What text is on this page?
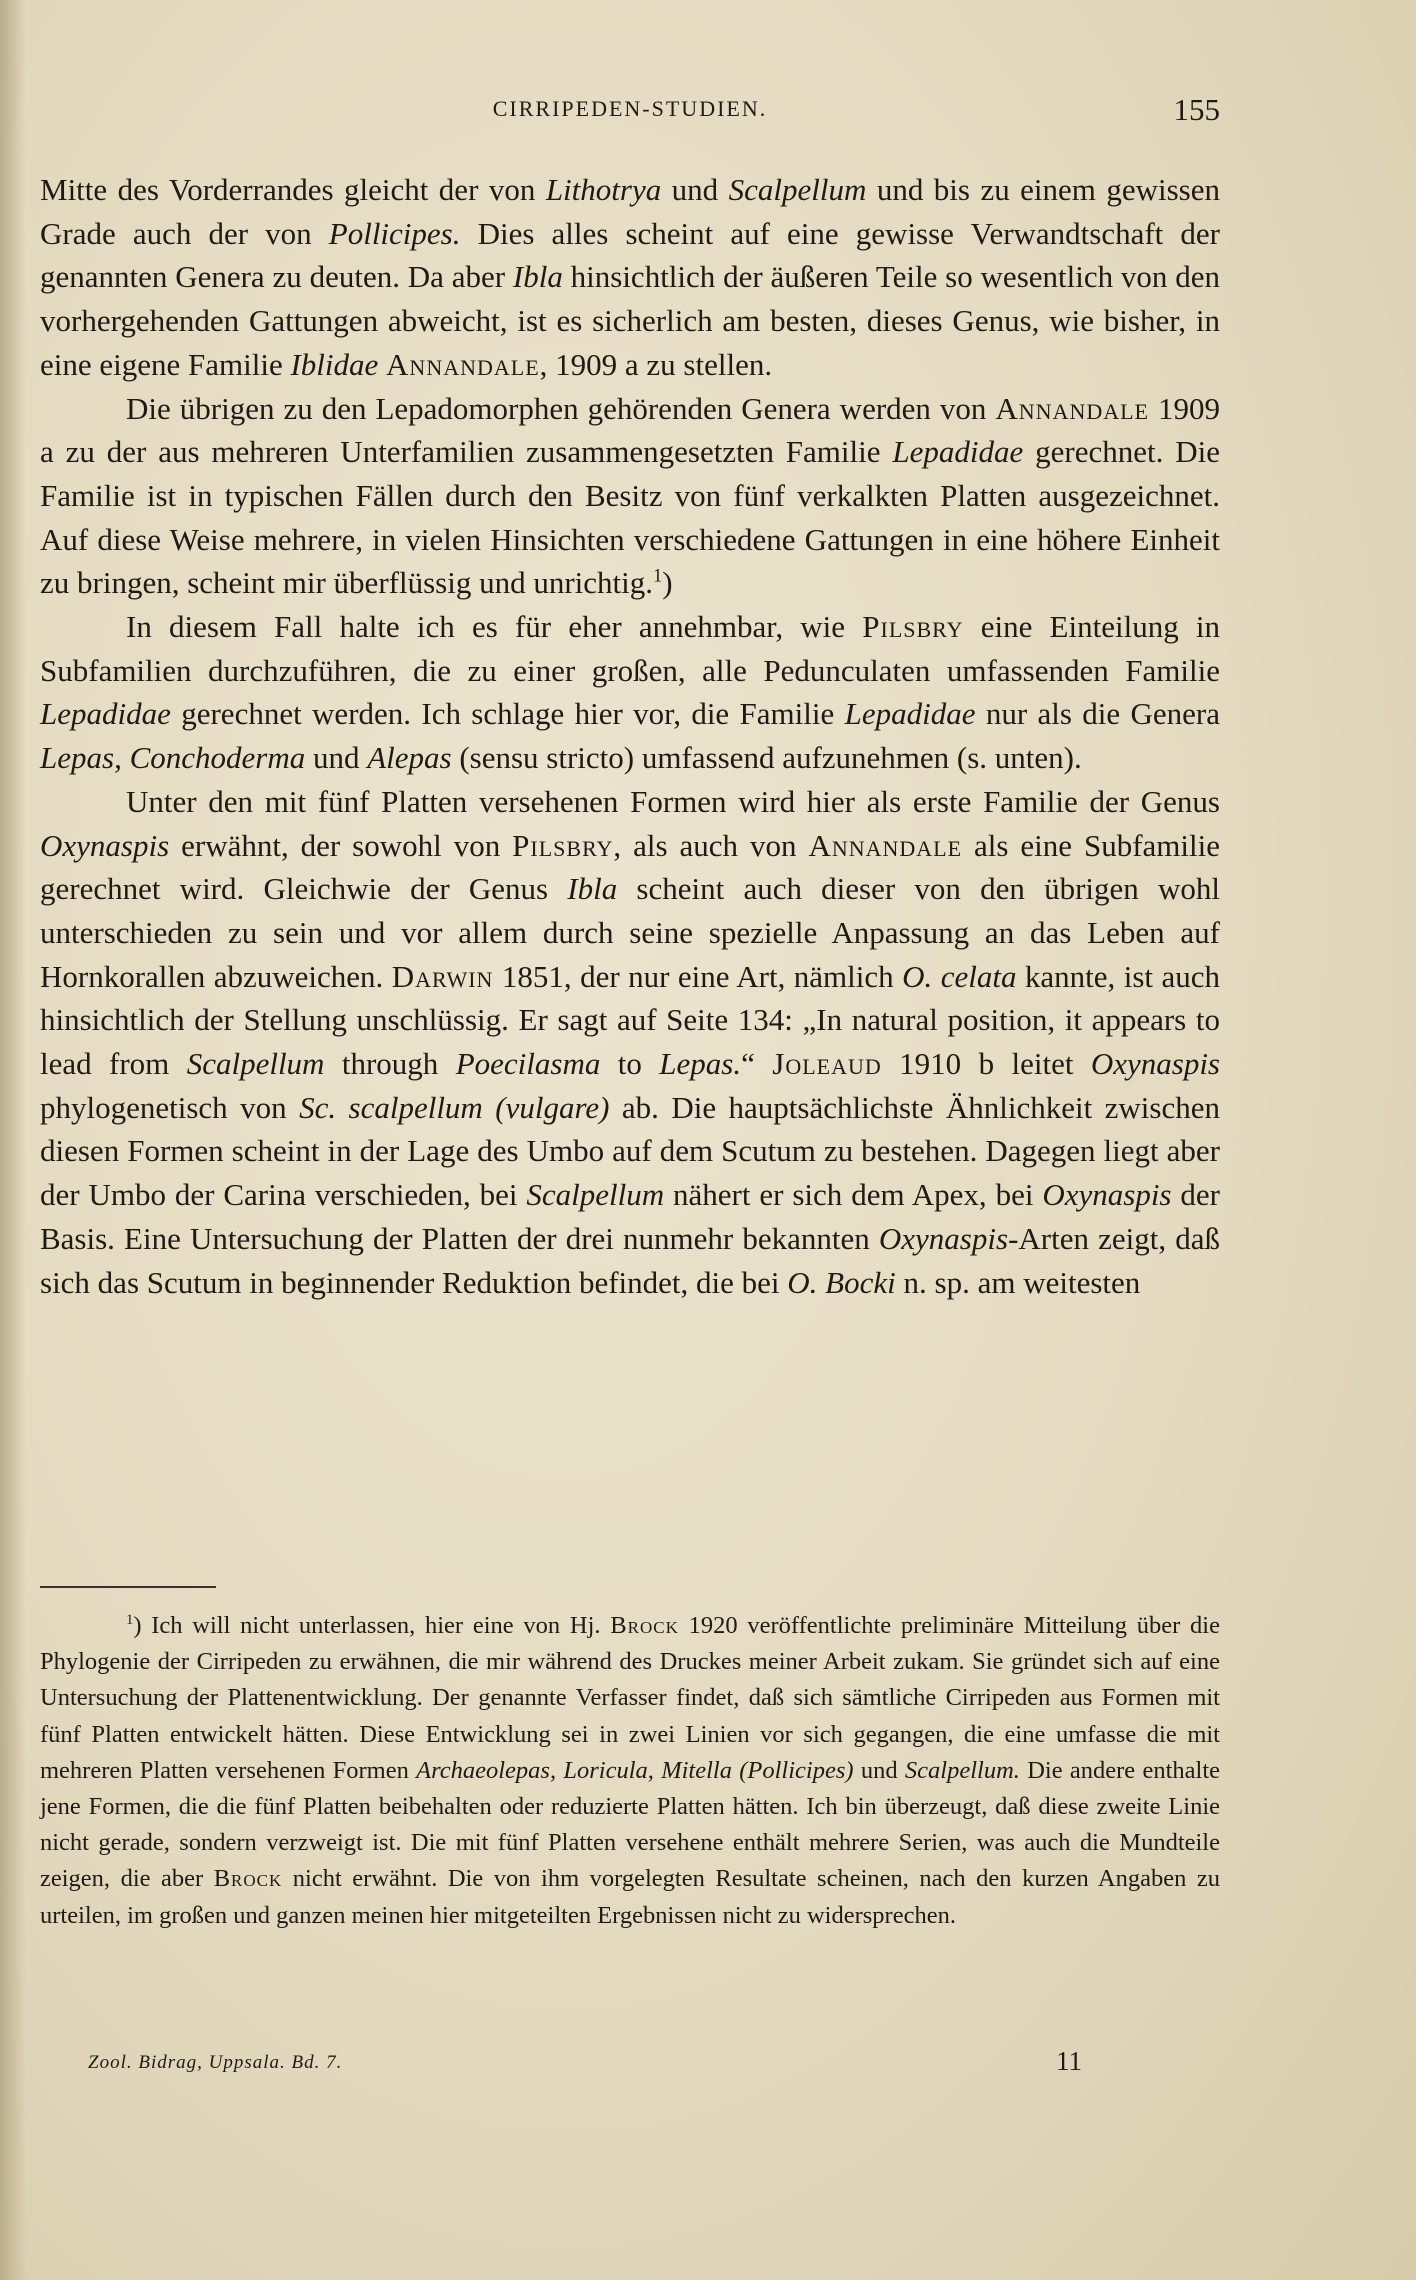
CIRRIPEDEN-STUDIEN.	155

Mitte des Vorderrandes gleicht der von Lithotrya und Scalpellum und bis zu einem gewissen Grade auch der von Pollicipes. Dies alles scheint auf eine gewisse Verwandtschaft der genannten Genera zu deuten. Da aber Ibla hinsichtlich der äußeren Teile so wesentlich von den vorhergehenden Gattungen abweicht, ist es sicherlich am besten, dieses Genus, wie bisher, in eine eigene Familie Iblidae Annandale, 1909 a zu stellen.

Die übrigen zu den Lepadomorphen gehörenden Genera werden von Annandale 1909 a zu der aus mehreren Unterfamilien zusammengesetzten Familie Lepadidae gerechnet. Die Familie ist in typischen Fällen durch den Besitz von fünf verkalkten Platten ausgezeichnet. Auf diese Weise mehrere, in vielen Hinsichten verschiedene Gattungen in eine höhere Einheit zu bringen, scheint mir überflüssig und unrichtig.$^1$)

In diesem Fall halte ich es für eher annehmbar, wie Pilsbry eine Einteilung in Subfamilien durchzuführen, die zu einer großen, alle Pedunculaten umfassenden Familie Lepadidae gerechnet werden. Ich schlage hier vor, die Familie Lepadidae nur als die Genera Lepas, Conchoderma und Alepas (sensu stricto) umfassend aufzunehmen (s. unten).

Unter den mit fünf Platten versehenen Formen wird hier als erste Familie der Genus Oxynaspis erwähnt, der sowohl von Pilsbry, als auch von Annandale als eine Subfamilie gerechnet wird. Gleichwie der Genus Ibla scheint auch dieser von den übrigen wohl unterschieden zu sein und vor allem durch seine spezielle Anpassung an das Leben auf Hornkorallen abzuweichen. Darwin 1851, der nur eine Art, nämlich O. celata kannte, ist auch hinsichtlich der Stellung unschlüssig. Er sagt auf Seite 134: „In natural position, it appears to lead from Scalpellum through Poecilasma to Lepas.“ Joleaud 1910 b leitet Oxynaspis phylogenetisch von Sc. scalpellum (vulgare) ab. Die hauptsächlichste Ähnlichkeit zwischen diesen Formen scheint in der Lage des Umbo auf dem Scutum zu bestehen. Dagegen liegt aber der Umbo der Carina verschieden, bei Scalpellum nähert er sich dem Apex, bei Oxynaspis der Basis. Eine Untersuchung der Platten der drei nunmehr bekannten Oxynaspis-Arten zeigt, daß sich das Scutum in beginnender Reduktion befindet, die bei O. Bocki n. sp. am weitesten

$^1$) Ich will nicht unterlassen, hier eine von Hj. Brock 1920 veröffentlichte preliminäre Mitteilung über die Phylogenie der Cirripeden zu erwähnen, die mir während des Druckes meiner Arbeit zukam. Sie gründet sich auf eine Untersuchung der Plattenentwicklung. Der genannte Verfasser findet, daß sich sämtliche Cirripeden aus Formen mit fünf Platten entwickelt hätten. Diese Entwicklung sei in zwei Linien vor sich gegangen, die eine umfasse die mit mehreren Platten versehenen Formen Archaeolepas, Loricula, Mitella (Pollicipes) und Scalpellum. Die andere enthalte jene Formen, die die fünf Platten beibehalten oder reduzierte Platten hätten. Ich bin überzeugt, daß diese zweite Linie nicht gerade, sondern verzweigt ist. Die mit fünf Platten versehene enthält mehrere Serien, was auch die Mundteile zeigen, die aber Brock nicht erwähnt. Die von ihm vorgelegten Resultate scheinen, nach den kurzen Angaben zu urteilen, im großen und ganzen meinen hier mitgeteilten Ergebnissen nicht zu widersprechen.
Zool. Bidrag, Uppsala. Bd. 7.	11
